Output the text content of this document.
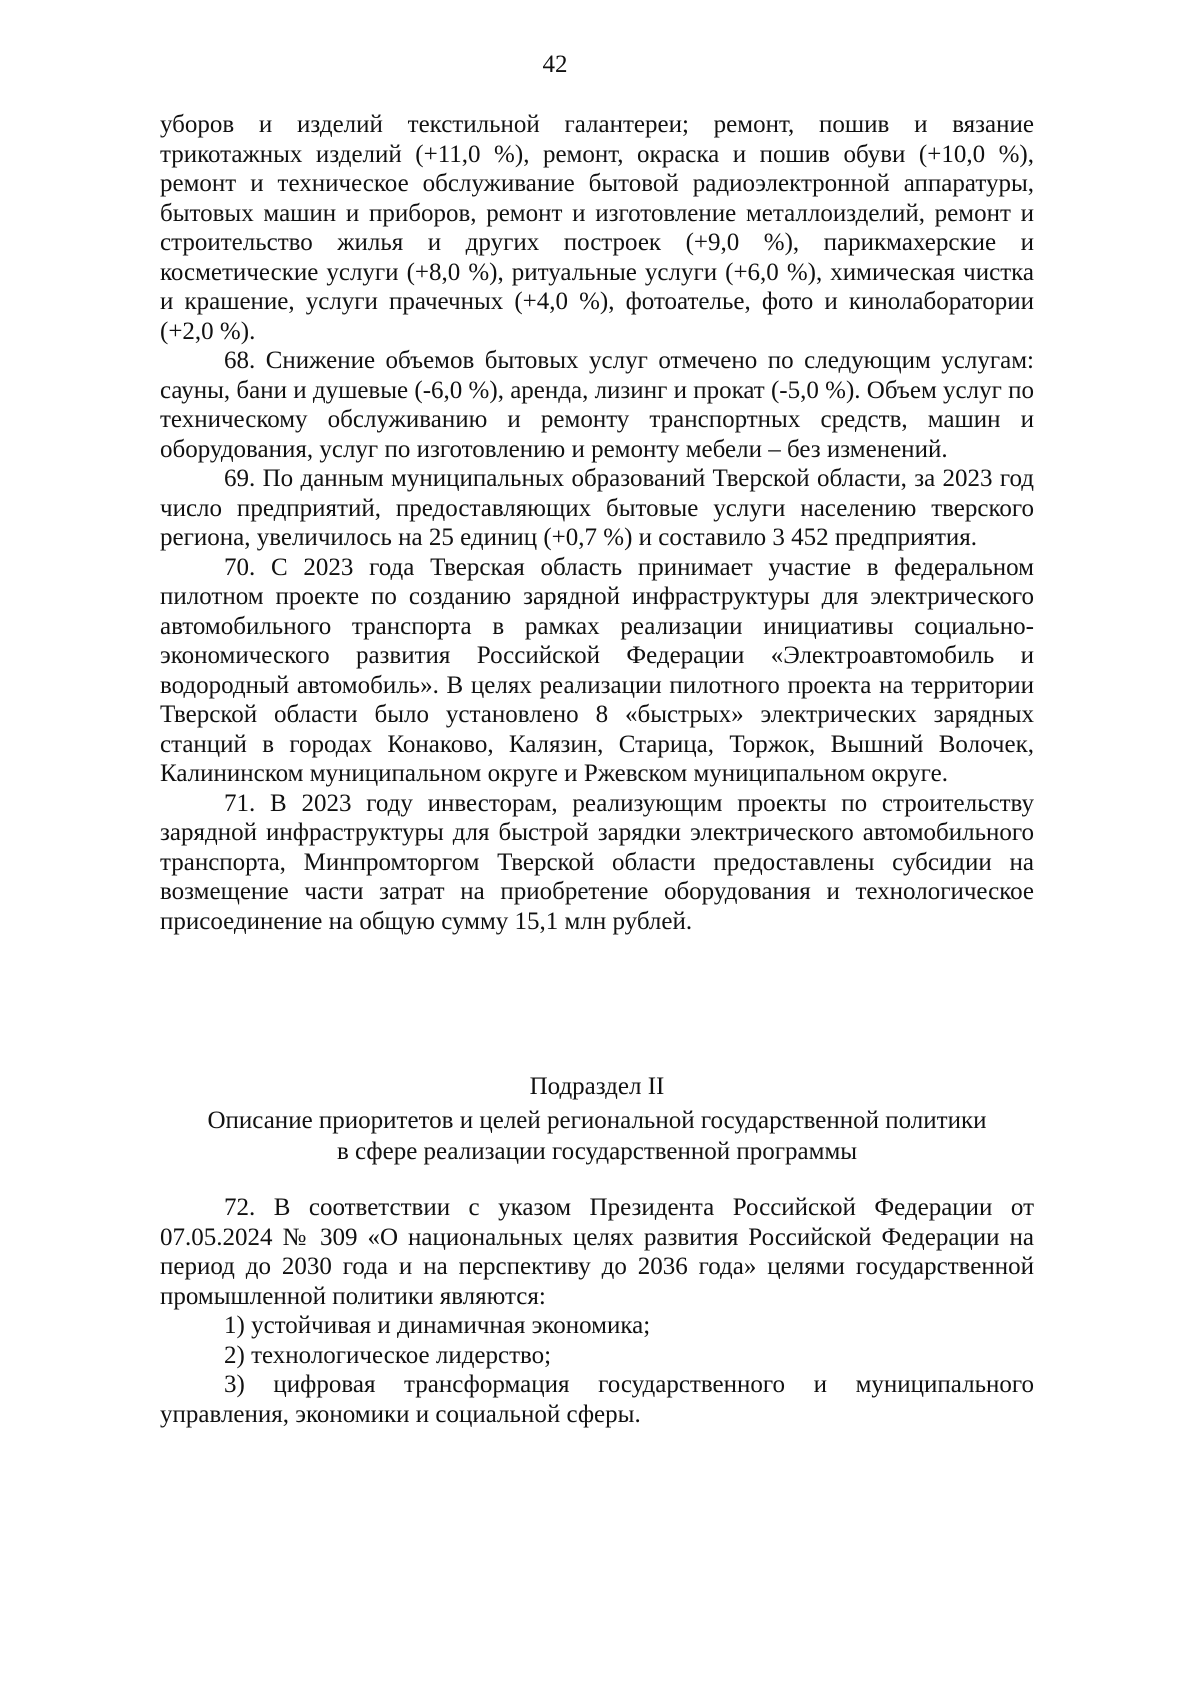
42

уборов и изделий текстильной галантереи; ремонт, пошив и вязание трикотажных изделий (+11,0 %), ремонт, окраска и пошив обуви (+10,0 %), ремонт и техническое обслуживание бытовой радиоэлектронной аппаратуры, бытовых машин и приборов, ремонт и изготовление металлоизделий, ремонт и строительство жилья и других построек (+9,0 %), парикмахерские и косметические услуги (+8,0 %), ритуальные услуги (+6,0 %), химическая чистка и крашение, услуги прачечных (+4,0 %), фотоателье, фото и кинолаборатории (+2,0 %).

68. Снижение объемов бытовых услуг отмечено по следующим услугам: сауны, бани и душевые (-6,0 %), аренда, лизинг и прокат (-5,0 %). Объем услуг по техническому обслуживанию и ремонту транспортных средств, машин и оборудования, услуг по изготовлению и ремонту мебели – без изменений.

69. По данным муниципальных образований Тверской области, за 2023 год число предприятий, предоставляющих бытовые услуги населению тверского региона, увеличилось на 25 единиц (+0,7 %) и составило 3 452 предприятия.

70. С 2023 года Тверская область принимает участие в федеральном пилотном проекте по созданию зарядной инфраструктуры для электрического автомобильного транспорта в рамках реализации инициативы социально-экономического развития Российской Федерации «Электроавтомобиль и водородный автомобиль». В целях реализации пилотного проекта на территории Тверской области было установлено 8 «быстрых» электрических зарядных станций в городах Конаково, Калязин, Старица, Торжок, Вышний Волочек, Калининском муниципальном округе и Ржевском муниципальном округе.

71. В 2023 году инвесторам, реализующим проекты по строительству зарядной инфраструктуры для быстрой зарядки электрического автомобильного транспорта, Минпромторгом Тверской области предоставлены субсидии на возмещение части затрат на приобретение оборудования и технологическое присоединение на общую сумму 15,1 млн рублей.

Подраздел II
Описание приоритетов и целей региональной государственной политики
в сфере реализации государственной программы

72. В соответствии с указом Президента Российской Федерации от 07.05.2024 № 309 «О национальных целях развития Российской Федерации на период до 2030 года и на перспективу до 2036 года» целями государственной промышленной политики являются:

1) устойчивая и динамичная экономика;

2) технологическое лидерство;

3) цифровая трансформация государственного и муниципального управления, экономики и социальной сферы.
